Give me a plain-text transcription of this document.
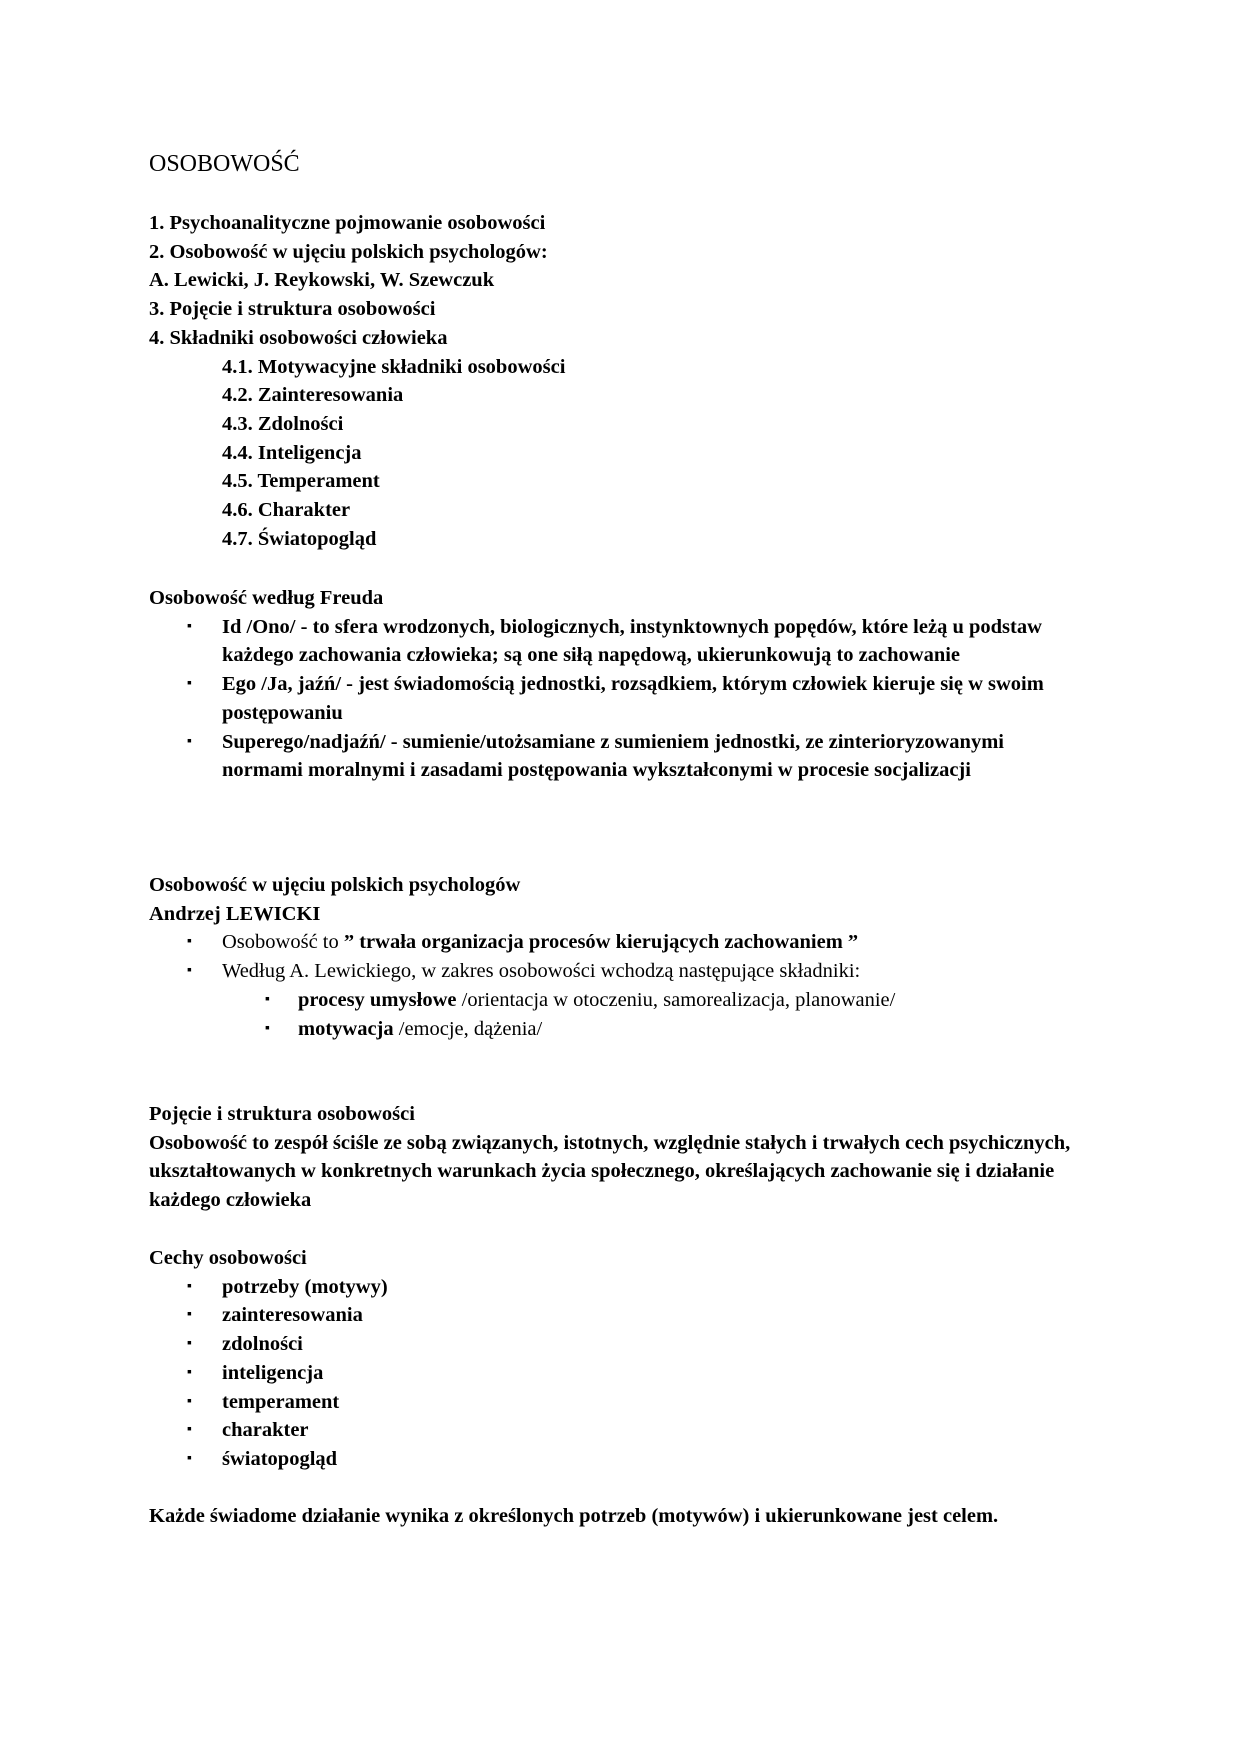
OSOBOWOŚĆ
1. Psychoanalityczne pojmowanie osobowości
2. Osobowość w ujęciu polskich psychologów:
A. Lewicki, J. Reykowski, W. Szewczuk
3. Pojęcie i struktura osobowości
4. Składniki osobowości człowieka
4.1. Motywacyjne składniki osobowości
4.2. Zainteresowania
4.3. Zdolności
4.4. Inteligencja
4.5. Temperament
4.6. Charakter
4.7. Światopogląd
Osobowość według Freuda
▪ Id /Ono/ - to sfera wrodzonych, biologicznych, instynktownych popędów, które leżą u podstaw każdego zachowania człowieka; są one siłą napędową, ukierunkowują to zachowanie
▪ Ego /Ja, jaźń/ - jest świadomością jednostki, rozsądkiem, którym człowiek kieruje się w swoim postępowaniu
▪ Superego/nadjaźń/ - sumienie/utożsamiane z sumieniem jednostki, ze zinterioryzowanymi normami moralnymi i zasadami postępowania wykształconymi w procesie socjalizacji
Osobowość w ujęciu polskich psychologów
Andrzej LEWICKI
▪ Osobowość to ” trwała organizacja procesów kierujących zachowaniem ”
▪ Według A. Lewickiego, w zakres osobowości wchodzą następujące składniki:
▪ procesy umysłowe /orientacja w otoczeniu, samorealizacja, planowanie/
▪ motywacja /emocje, dążenia/
Pojęcie i struktura osobowości
Osobowość to zespół ściśle ze sobą związanych, istotnych, względnie stałych i trwałych cech psychicznych, ukształtowanych w konkretnych warunkach życia społecznego, określających zachowanie się i działanie każdego człowieka
Cechy osobowości
▪ potrzeby (motywy)
▪ zainteresowania
▪ zdolności
▪ inteligencja
▪ temperament
▪ charakter
▪ światopogląd
Każde świadome działanie wynika z określonych potrzeb (motywów) i ukierunkowane jest celem.
